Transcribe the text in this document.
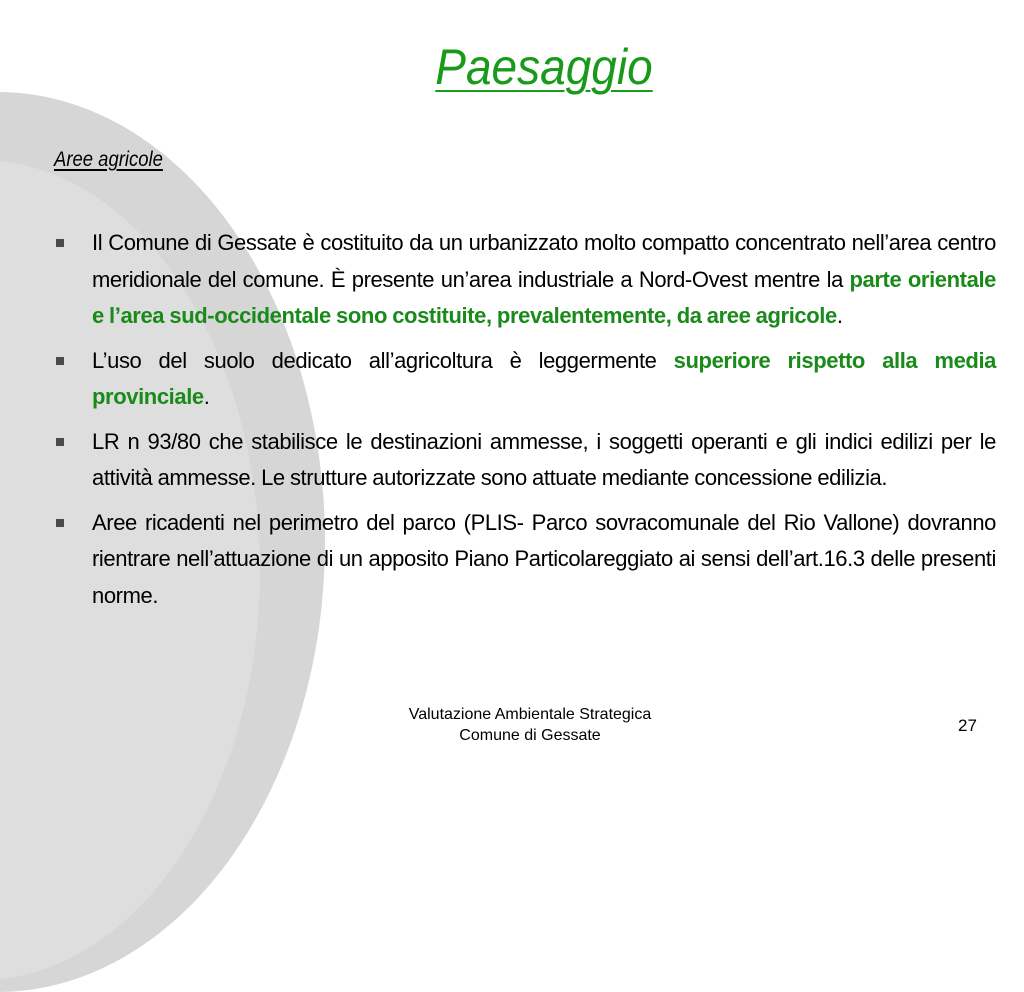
Paesaggio
Aree agricole
Il Comune di Gessate è costituito da un urbanizzato molto compatto concentrato nell’area centro meridionale del comune. È presente un’area industriale a Nord-Ovest mentre la parte orientale e l’area sud-occidentale sono costituite, prevalentemente, da aree agricole.
L’uso del suolo dedicato all’agricoltura è leggermente superiore rispetto alla media provinciale.
LR n 93/80 che stabilisce le destinazioni ammesse, i soggetti operanti e gli indici edilizi per le attività ammesse. Le strutture autorizzate sono attuate mediante concessione edilizia.
Aree ricadenti nel perimetro del parco (PLIS- Parco sovracomunale del Rio Vallone) dovranno rientrare nell’attuazione di un apposito Piano Particolareggiato ai sensi dell’art.16.3 delle presenti norme.
Valutazione Ambientale Strategica
Comune di Gessate
27
